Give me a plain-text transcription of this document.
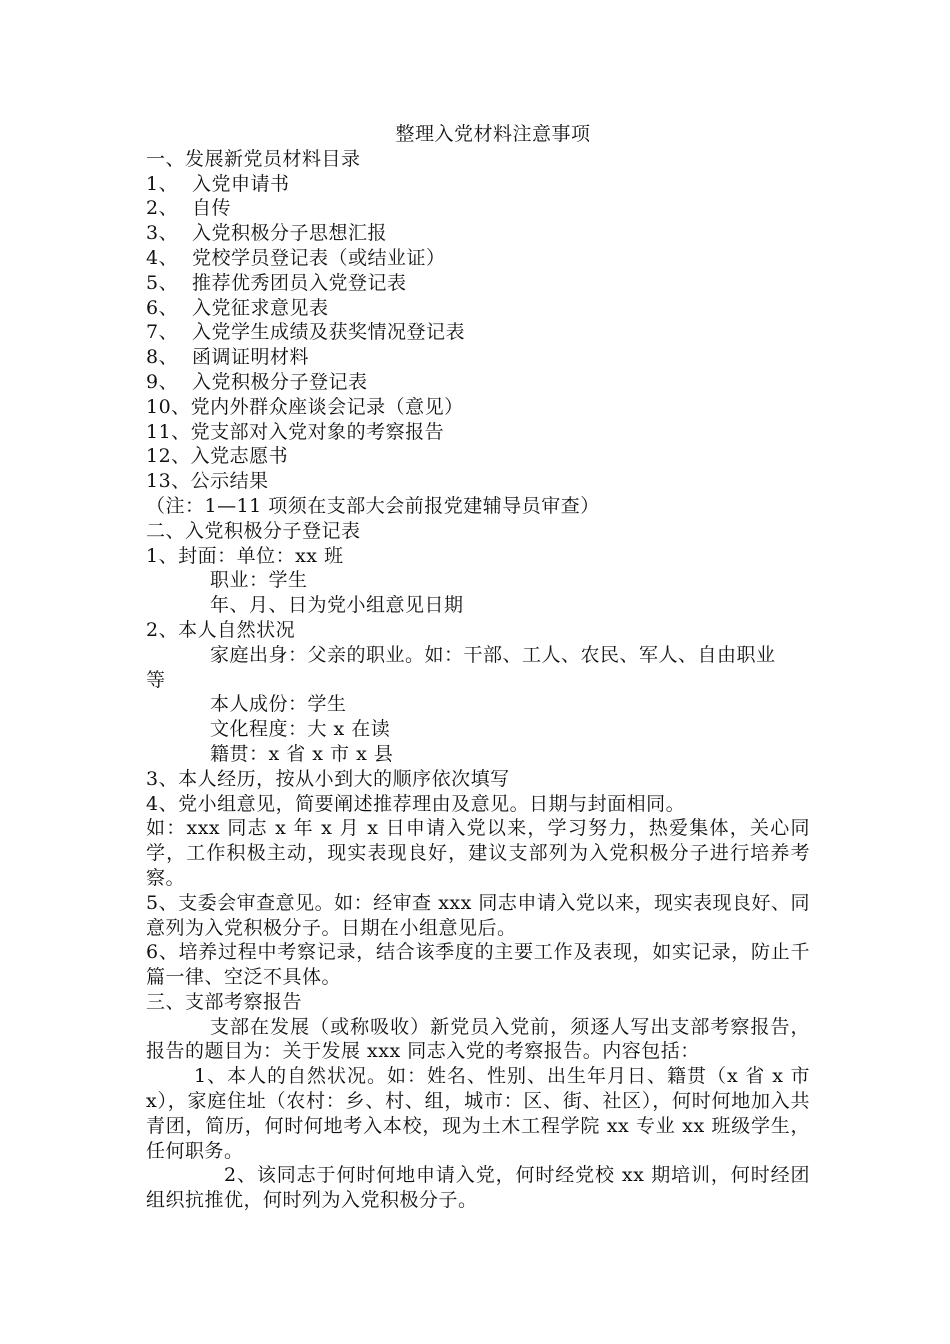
整理入党材料注意事项
一、发展新党员材料目录
1、 入党申请书
2、 自传
3、 入党积极分子思想汇报
4、 党校学员登记表（或结业证）
5、 推荐优秀团员入党登记表
6、 入党征求意见表
7、 入党学生成绩及获奖情况登记表
8、 函调证明材料
9、 入党积极分子登记表
10、党内外群众座谈会记录（意见）
11、党支部对入党对象的考察报告
12、入党志愿书
13、公示结果
（注：1—11 项须在支部大会前报党建辅导员审查）
二、入党积极分子登记表
1、封面：单位：xx 班
职业：学生
年、月、日为党小组意见日期
2、本人自然状况
家庭出身：父亲的职业。如：干部、工人、农民、军人、自由职业
等
本人成份：学生
文化程度：大 x 在读
籍贯：x 省 x 市 x 县
3、本人经历，按从小到大的顺序依次填写
4、党小组意见，简要阐述推荐理由及意见。日期与封面相同。
如：xxx 同志 x 年 x 月 x 日申请入党以来，学习努力，热爱集体，关心同学，工作积极主动，现实表现良好，建议支部列为入党积极分子进行培养考察。
5、支委会审查意见。如：经审查 xxx 同志申请入党以来，现实表现良好、同意列为入党积极分子。日期在小组意见后。
6、培养过程中考察记录，结合该季度的主要工作及表现，如实记录，防止千篇一律、空泛不具体。
三、支部考察报告
支部在发展（或称吸收）新党员入党前，须逐人写出支部考察报告，报告的题目为：关于发展 xxx 同志入党的考察报告。内容包括：
1、本人的自然状况。如：姓名、性别、出生年月日、籍贯（x 省 x 市 x），家庭住址（农村：乡、村、组，城市：区、街、社区），何时何地加入共青团，简历，何时何地考入本校，现为土木工程学院 xx 专业 xx 班级学生，任何职务。
2、该同志于何时何地申请入党，何时经党校 xx 期培训，何时经团组织抗推优，何时列为入党积极分子。
